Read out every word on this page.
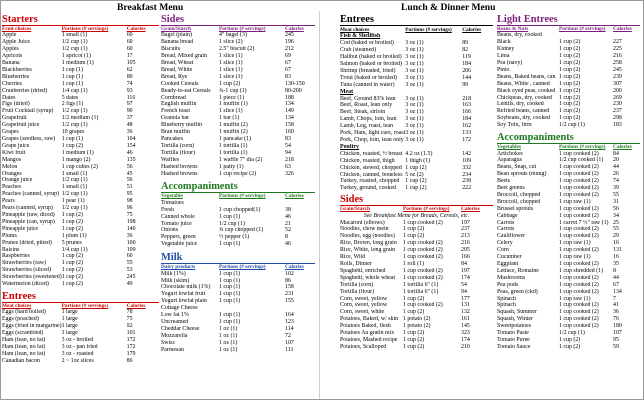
Breakfast Menu	Lunch & Dinner Menu
Starters
Fruit choices	Portions (# servings)	Calories
Apple	1 small (1)	60
Apple Juice	1/2 cup (1)	60
Apples	1/2 cup (1)	60
Apricots	1 apricot (1)	17
Banana	1 medium (1)	105
Blackberries	1 cup (1)	62
Blueberries	1 cup (1)	80
Cherries	1 cup (1)	74
Cranberries (dried)	1/4 cup (1)	93
Dates	5 dates	116
Figs (dried)	2 figs (1)	97
Fruit Cocktail (syrup)	1/2 cup (1)	90
Grapefruit	1/2 medium (1)	37
Grapefruit juice	1/2 cup (1)	48
Grapes	10 grapes	36
Grapes (seedless, raw)	1 cup (1)	104
Grape juice	1 cup (2)	154
Kiwi fruit	1 medium (1)	46
Mangos	1 mango (2)	135
Melon	1 cup cubes (2)	56
Oranges	1 small (1)	45
Orange juice	1/2 cup (1)	56
Peaches	1 small (1)	51
Peaches (canned, syrup)	1/2 cup (1)	95
Pears	1 pear (1)	98
Pears (canned, syrup)	1/2 cup (1)	96
Pineapple (raw, diced)	1 cup (2)	75
Pineapple (can, syrup)	1 cup (2)	198
Pineapple juice	1 cup (2)	140
Plums	1 plum (1)	36
Prunes (dried, pitted)	5 prunes	100
Raisins	1/4 cup (1)	109
Raspberries	1 cup (2)	60
Strawberries (raw)	1 cup (2)	55
Strawberries (sliced)	1 cup (2)	53
Strawberries (sweetened)	1 cup (2)	245
Watermelon (diced)	1 cup (2)	49
Entrees
Meat choices	Portions (# servings)	Calories
Eggs (hard boiled)	1 large	78
Eggs (poached)	1 large	75
Eggs (fried in margarine)	1 large	92
Eggs (scrambled)	1 large	101
Ham (lean, no fat)	3 oz - broiled	172
Ham (lean, no fat)	3 oz - pan fried	172
Ham (lean, no fat)	3 oz - roasted	179
Canadian bacon	2 ~ 1oz slices	86
Sides
Grain/Starch	Portions (# servings)	Calories
Bagel (plain)	4" bagel (3)	245
Banana bread	1 slice (2)	196
Biscuits	2.5" biscuit (2)	212
Bread, Mixed grain	1 slice (1)	69
Bread, Wheat	1 slice (1)	67
Bread, White	1 slice (1)	67
Bread, Rye	1 slice (1)	83
Cooked Cereals	1 cup (2)	130-150
Ready-to-eat Cereals	¾-1 cup (1)	80-200
Cornbread	1 piece (1)	188
English muffin	1 muffin (1)	134
French toast	1 slice (1)	149
Granola bar	1 bar (1)	134
Blueberry muffin	1 muffin (2)	158
Bran muffin	1 muffin (2)	160
Pancakes	1 pancake (1)	83
Tortilla (corn)	1 tortilla (1)	54
Tortilla (flour)	1 tortilla (1)	94
Waffles	1 waffle 7" dia (2)	218
Hashed browns	1 patty (1)	63
Hashed browns	1 cup recipe (2)	326
Accompaniments
Vegetable	Portions (# servings)	Calories
Tomatoes		
Fresh	1 cup chopped(1)	38
Canned whole	1 cup (1)	46
Tomato juice	1/2 cup (1)	21
Onions	¾ cup chopped (1)	52
Peppers, green	½ pepper (1)	8
Vegetable juice	1 cup (1)	46
Milk
Dairy products	Portions (# servings)	Calories
Milk (1%)	1 cup (1)	102
Milk (skim)	1 cup (1)	86
Chocolate milk (1%)	1 cup (1)	158
Yogurt lowfat fruit	1 cup (1)	231
Yogurt lowfat plain	1 cup (1)	155
Cottage Cheese		
Low fat 1%	1 cup (1)	164
Uncreamed	1 cup (1)	123
Cheddar Cheese	1 oz (1)	114
Mozzarella	1 oz (1)	72
Swiss	1 oz (1)	107
Parmesan	1 oz (1)	111
Entrees
Meat choices	Portions (# servings)	Calories
Fish & Shellfish		
Cod (baked or broiled)	3 oz (1)	89
Crab (steamed)	3 oz (1)	82
Halibut (baked or broiled)	3 oz (1)	119
Salmon (baked or broiled)	3 oz (1)	184
Shrimp (breaded, fried)	3 oz (1)	206
Trout (baked or broiled)	3 oz (1)	144
Tuna (canned in water)	3 oz (1)	99
Meat		
Beef, Ground 83% lean	3 oz (1)	218
Beef, Roast, lean only	3 oz (1)	163
Beef, Steak, sirloin	3 oz (1)	166
Lamb, Chops, loin, lean	3 oz (1)	184
Lamb, Leg, roast, lean	3 oz (1)	162
Pork, Ham, light cure, roast	3 oz (1)	133
Pork, Chop, loin, lean only	3 oz (1)	172
Poultry		
Chicken, roasted, ½ breast	4.2 oz (1.5)	142
Chicken, roasted, thigh	1 thigh (1)	109
Chicken, stewed, chopped	1 cup (2)	332
Chicken, canned, boneless	5 oz (2)	234
Turkey, roasted, chopped	1 cup (2)	238
Turkey, ground, cooked	1 cup (2)	222
Sides
Grain/Starch	Portions (# servings)	Calories
See Breakfast Menu for Breads, Cereals, etc.		
Macaroni (elbows)	1 cup cooked (2)	197
Noodles, chow mein	1 cup (2)	237
Noodles, egg (noodles)	1 cup (2)	213
Rice, Brown, long grain	1 cup cooked (2)	216
Rice, White, long grain	1 cup cooked (2)	205
Rice, Wild	1 cup cooked (2)	166
Rolls, Dinner	1 roll (1)	84
Spaghetti, enriched	1 cup cooked (2)	197
Spaghetti, whole wheat	1 cup cooked (2)	174
Tortilla (corn)	1 tortilla 6" (1)	54
Tortilla (flour)	1 tortilla 6" (1)	94
Corn, sweet, yellow	1 cup (2)	177
Corn, sweet, yellow	1 cup cooked (2)	131
Corn, sweet, white	1 cup (2)	132
Potatoes, Baked, w/ skin	1 potato (2)	161
Potatoes Baked, flesh	1 potato (2)	145
Potatoes Au gratin mix	1 cup (2)	323
Potatoes, Mashed recipe	1 cup (2)	174
Potatoes, Scalloped	1 cup (2)	210
Light Entrees
Beans & Nuts	Portions (# servings)	Calories
Beans, dry, cooked		
Black	1 cup (2)	227
Kidney	1 cup (2)	225
Lima	1 cup (2)	216
Pea (navy)	1 cup (2)	258
Pinto	1 cup (2)	245
Beans, Baked beans, can	1 cup (2)	239
Beans, White , canned	1 cup (2)	307
Black eyed peas, cooked	1 cup (2)	200
Chickpeas, dry, cooked	1 cup (2)	269
Lentils, dry, cooked	1 cup (2)	230
Refried beans, canned	1 cup (2)	237
Soybeans, dry, cooked	1 cup (2)	298
Soy Tofu, firm	1/2 cup (1)	183
Accompaniments
Vegetables	Portions (# servings)	Calories
Artichokes	1 cup cooked (2)	84
Asparagus	1/2 cup cooked (1)	20
Beans, Snap, cut	1 cup cooked (2)	44
Bean sprouts (mung)	1 cup cooked (2)	26
Beets	1 cup cooked (2)	74
Beet greens	1 cup cooked (2)	39
Broccoli, chopped	1 cup cooked (2)	55
Broccoli, chopped	1 cup raw (1)	31
Brussel sprouts	1 cup cooked (2)	56
Cabbage	1 cup cooked (2)	34
Carrots	1 carrot 7 ½" raw (1)	25
Carrots	1 cup cooked (2)	55
Cauliflower	1 cup cooked (2)	29
Celery	1 cup raw (1)	16
Corn	1 cup cooked (2)	131
Cucumber	1 cup raw (1)	16
Eggplant	1 cup cooked (2)	35
Lettuce, Romaine	1 cup shredded (1)	8
Mushrooms	1 cup cooked (2)	44
Pea pods	1 cup cooked (2)	67
Peas, green (ckd)	1 cup cooked (2)	134
Spinach	1 cup raw (1)	7
Spinach	1 cup cooked (2)	41
Squash, Summer	1 cup cooked (2)	36
Squash, Winter	1 cup cooked (2)	76
Sweetpotatoes	1 cup cooked (2)	180
Tomato Paste	1/2 cup (1)	107
Tomato Puree	1 cup (2)	95
Tomato Sauce	1 cup (2)	59
